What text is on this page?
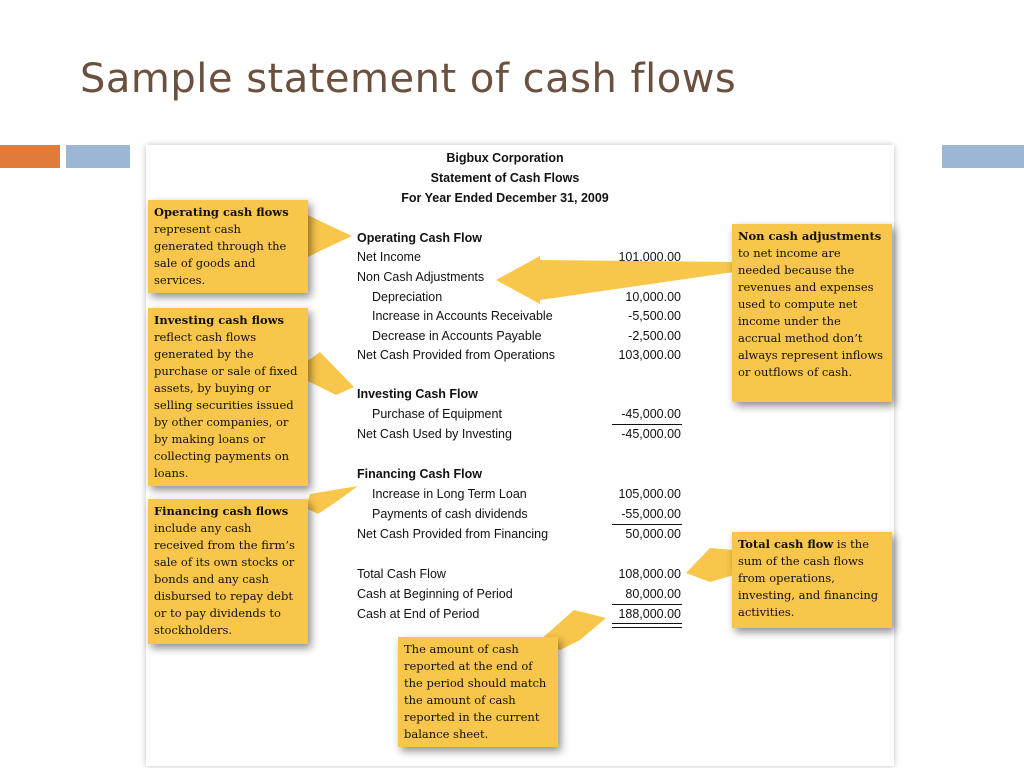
Sample statement of cash flows
Bigbux Corporation
Statement of Cash Flows
For Year Ended December 31, 2009
Operating Cash Flow
Net Income	101,000.00
Non Cash Adjustments
Depreciation	10,000.00
Increase in Accounts Receivable	-5,500.00
Decrease in Accounts Payable	-2,500.00
Net Cash Provided from Operations	103,000.00
Investing Cash Flow
Purchase of Equipment	-45,000.00
Net Cash Used by Investing	-45,000.00
Financing Cash Flow
Increase in Long Term Loan	105,000.00
Payments of cash dividends	-55,000.00
Net Cash Provided from Financing	50,000.00
Total Cash Flow	108,000.00
Cash at Beginning of Period	80,000.00
Cash at End of Period	188,000.00
Operating cash flows represent cash generated through the sale of goods and services.
Investing cash flows reflect cash flows generated by the purchase or sale of fixed assets, by buying or selling securities issued by other companies, or by making loans or collecting payments on loans.
Financing cash flows include any cash received from the firm’s sale of its own stocks or bonds and any cash disbursed to repay debt or to pay dividends to stockholders.
Non cash adjustments to net income are needed because the revenues and expenses used to compute net income under the accrual method don’t always represent inflows or outflows of cash.
Total cash flow is the sum of the cash flows from operations, investing, and financing activities.
The amount of cash reported at the end of the period should match the amount of cash reported in the current balance sheet.
